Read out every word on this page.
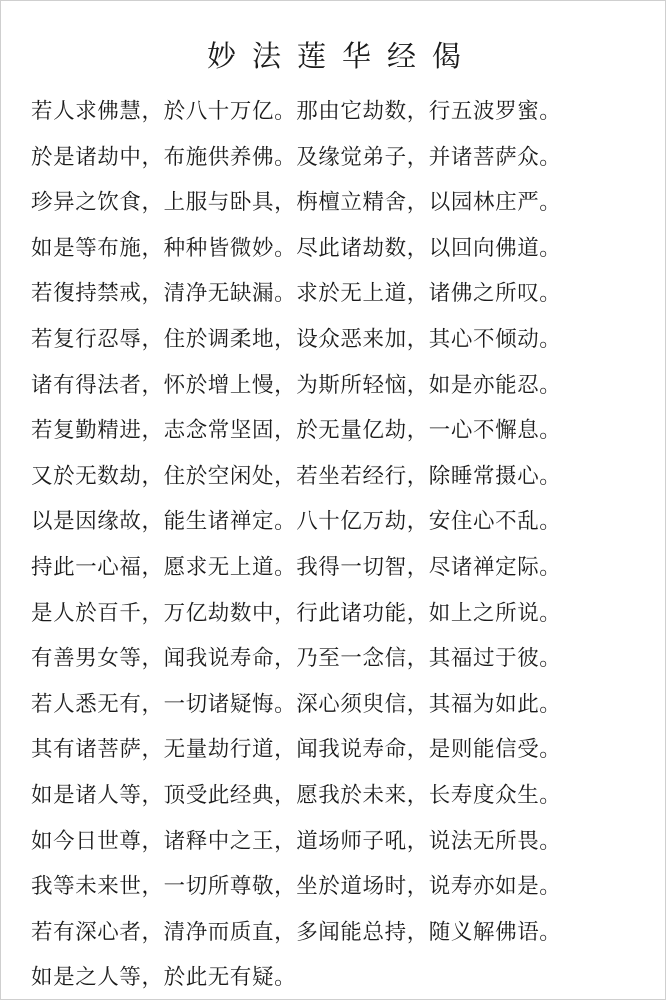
妙法莲华经偈
若人求佛慧，於八十万亿。那由它劫数，行五波罗蜜。
於是诸劫中，布施供养佛。及缘觉弟子，并诸菩萨众。
珍异之饮食，上服与卧具，栴檀立精舍，以园林庄严。
如是等布施，种种皆微妙。尽此诸劫数，以回向佛道。
若復持禁戒，清净无缺漏。求於无上道，诸佛之所叹。
若复行忍辱，住於调柔地，设众恶来加，其心不倾动。
诸有得法者，怀於增上慢，为斯所轻恼，如是亦能忍。
若复勤精进，志念常坚固，於无量亿劫，一心不懈息。
又於无数劫，住於空闲处，若坐若经行，除睡常摄心。
以是因缘故，能生诸禅定。八十亿万劫，安住心不乱。
持此一心福，愿求无上道。我得一切智，尽诸禅定际。
是人於百千，万亿劫数中，行此诸功能，如上之所说。
有善男女等，闻我说寿命，乃至一念信，其福过于彼。
若人悉无有，一切诸疑悔。深心须臾信，其福为如此。
其有诸菩萨，无量劫行道，闻我说寿命，是则能信受。
如是诸人等，顶受此经典，愿我於未来，长寿度众生。
如今日世尊，诸释中之王，道场师子吼，说法无所畏。
我等未来世，一切所尊敬，坐於道场时，说寿亦如是。
若有深心者，清净而质直，多闻能总持，随义解佛语。
如是之人等，於此无有疑。
